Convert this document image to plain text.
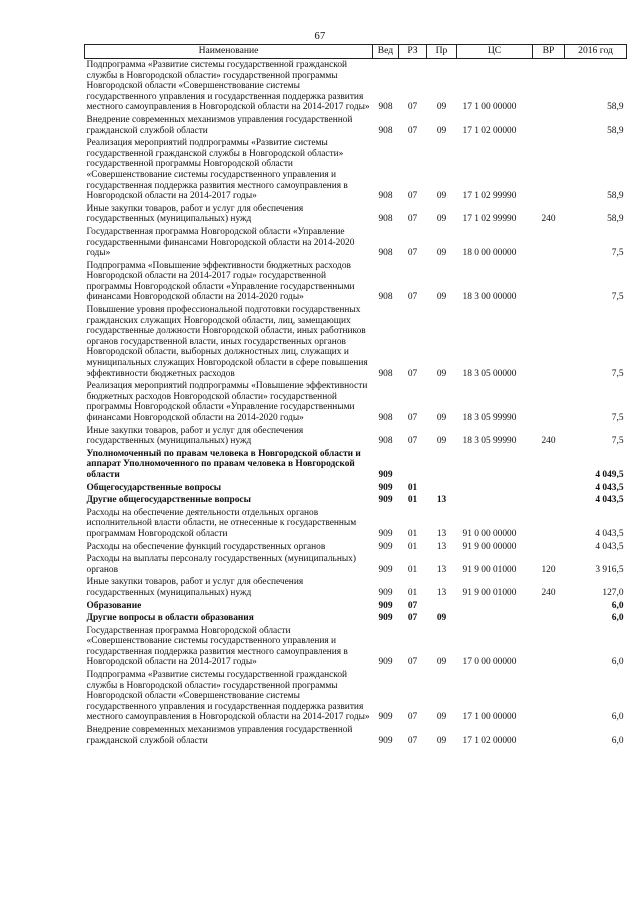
67
Наименование	Вед	РЗ	Пр	ЦС	ВР	2016 год
Подпрограмма «Развитие системы государственной гражданской службы в Новгородской области» государственной программы Новгородской области «Совершенствование системы государственного управления и государственная поддержка развития местного самоуправления в Новгородской области на 2014-2017 годы»	908	07	09	17 1 00 00000		58,9
Внедрение современных механизмов управления государственной гражданской службой области	908	07	09	17 1 02 00000		58,9
Реализация мероприятий подпрограммы «Развитие системы государственной гражданской службы в Новгородской области» государственной программы Новгородской области «Совершенствование системы государственного управления и государственная поддержка развития местного самоуправления в Новгородской области на 2014-2017 годы»	908	07	09	17 1 02 99990		58,9
Иные закупки товаров, работ и услуг для обеспечения государственных (муниципальных) нужд	908	07	09	17 1 02 99990	240	58,9
Государственная программа Новгородской области «Управление государственными финансами Новгородской области на 2014-2020 годы»	908	07	09	18 0 00 00000		7,5
Подпрограмма «Повышение эффективности бюджетных расходов Новгородской области на 2014-2017 годы» государственной программы Новгородской области «Управление государственными финансами Новгородской области на 2014-2020 годы»	908	07	09	18 3 00 00000		7,5
Повышение уровня профессиональной подготовки государственных гражданских служащих Новгородской области, лиц, замещающих государственные должности Новгородской области, иных работников органов государственной власти, иных государственных органов Новгородской области, выборных должностных лиц, служащих и муниципальных служащих Новгородской области в сфере повышения эффективности бюджетных расходов	908	07	09	18 3 05 00000		7,5
Реализация мероприятий подпрограммы «Повышение эффективности бюджетных расходов Новгородской области» государственной программы Новгородской области «Управление государственными финансами Новгородской области на 2014-2020 годы»	908	07	09	18 3 05 99990		7,5
Иные закупки товаров, работ и услуг для обеспечения государственных (муниципальных) нужд	908	07	09	18 3 05 99990	240	7,5
Уполномоченный по правам человека в Новгородской области и аппарат Уполномоченного по правам человека в Новгородской области	909					4 049,5
Общегосударственные вопросы	909	01				4 043,5
Другие общегосударственные вопросы	909	01	13			4 043,5
Расходы на обеспечение деятельности отдельных органов исполнительной власти области, не отнесенные к государственным программам Новгородской области	909	01	13	91 0 00 00000		4 043,5
Расходы на обеспечение функций государственных органов	909	01	13	91 9 00 00000		4 043,5
Расходы на выплаты персоналу государственных (муниципальных) органов	909	01	13	91 9 00 01000	120	3 916,5
Иные закупки товаров, работ и услуг для обеспечения государственных (муниципальных) нужд	909	01	13	91 9 00 01000	240	127,0
Образование	909	07				6,0
Другие вопросы в области образования	909	07	09			6,0
Государственная программа Новгородской области «Совершенствование системы государственного управления и государственная поддержка развития местного самоуправления в Новгородской области на 2014-2017 годы»	909	07	09	17 0 00 00000		6,0
Подпрограмма «Развитие системы государственной гражданской службы в Новгородской области» государственной программы Новгородской области «Совершенствование системы государственного управления и государственная поддержка развития местного самоуправления в Новгородской области на 2014-2017 годы»	909	07	09	17 1 00 00000		6,0
Внедрение современных механизмов управления государственной гражданской службой области	909	07	09	17 1 02 00000		6,0
